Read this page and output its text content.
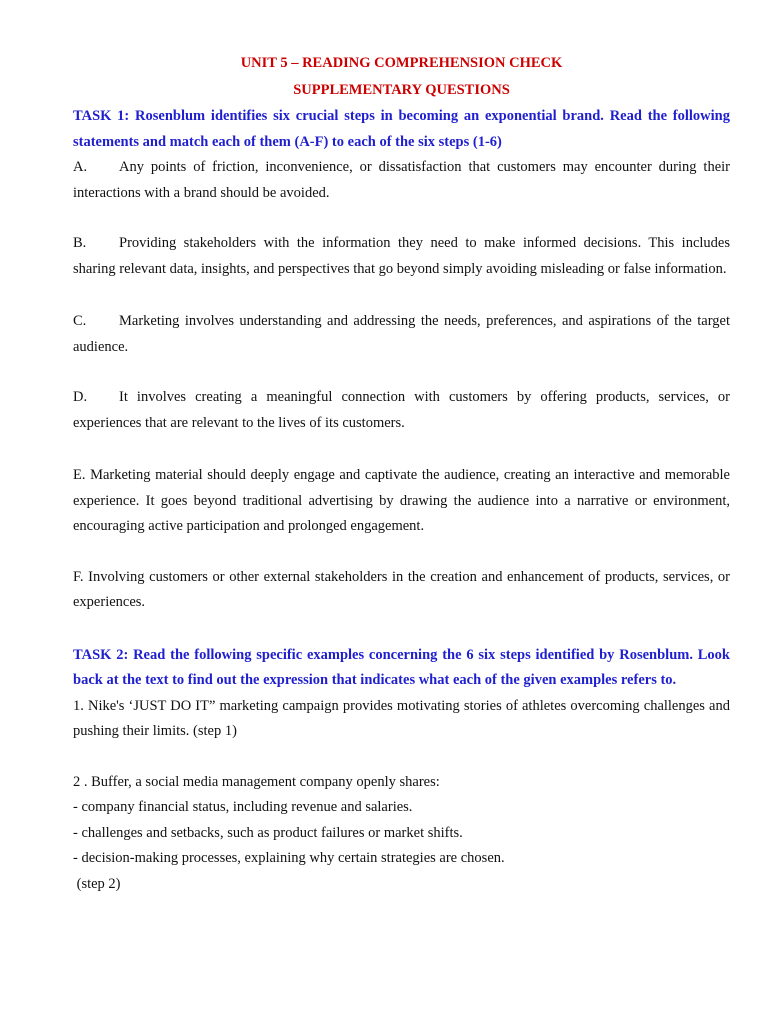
UNIT 5 – READING COMPREHENSION CHECK
SUPPLEMENTARY QUESTIONS
TASK 1: Rosenblum identifies six crucial steps in becoming an exponential brand. Read the following statements and match each of them (A-F) to each of the six steps (1-6)

A. Any points of friction, inconvenience, or dissatisfaction that customers may encounter during their interactions with a brand should be avoided.

B. Providing stakeholders with the information they need to make informed decisions. This includes sharing relevant data, insights, and perspectives that go beyond simply avoiding misleading or false information.

C. Marketing involves understanding and addressing the needs, preferences, and aspirations of the target audience.

D. It involves creating a meaningful connection with customers by offering products, services, or experiences that are relevant to the lives of its customers.

E. Marketing material should deeply engage and captivate the audience, creating an interactive and memorable experience. It goes beyond traditional advertising by drawing the audience into a narrative or environment, encouraging active participation and prolonged engagement.

F. Involving customers or other external stakeholders in the creation and enhancement of products, services, or experiences.

TASK 2: Read the following specific examples concerning the 6 six steps identified by Rosenblum. Look back at the text to find out the expression that indicates what each of the given examples refers to.

1. Nike's ‘JUST DO IT” marketing campaign provides motivating stories of athletes overcoming challenges and pushing their limits. (step 1)

2 . Buffer, a social media management company openly shares:

- company financial status, including revenue and salaries.

- challenges and setbacks, such as product failures or market shifts.

- decision-making processes, explaining why certain strategies are chosen.

(step 2)
